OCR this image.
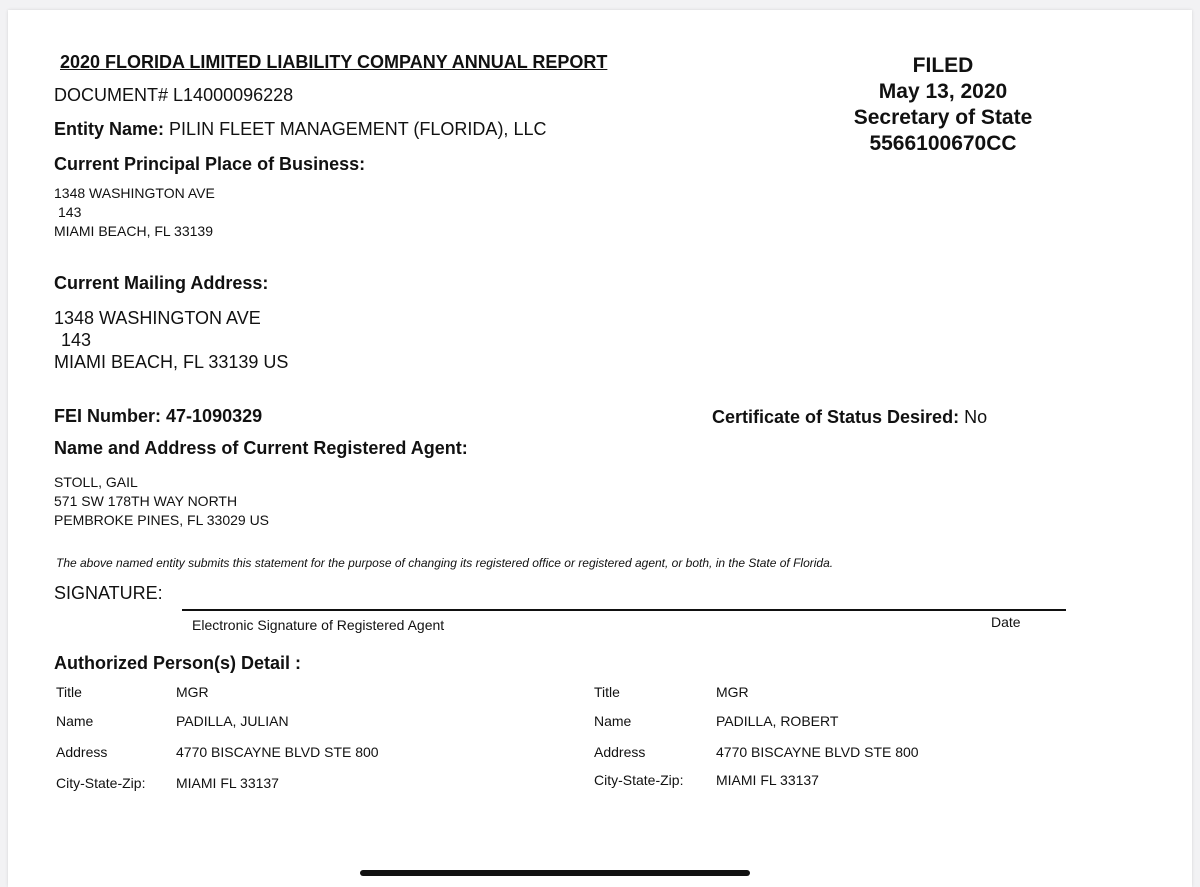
2020 FLORIDA LIMITED LIABILITY COMPANY ANNUAL REPORT
DOCUMENT# L14000096228
Entity Name: PILIN FLEET MANAGEMENT (FLORIDA), LLC
FILED
May 13, 2020
Secretary of State
5566100670CC
Current Principal Place of Business:
1348 WASHINGTON AVE
143
MIAMI BEACH, FL 33139
Current Mailing Address:
1348 WASHINGTON AVE
143
MIAMI BEACH, FL 33139 US
FEI Number: 47-1090329	Certificate of Status Desired: No
Name and Address of Current Registered Agent:
STOLL, GAIL
571 SW 178TH WAY NORTH
PEMBROKE PINES, FL 33029 US
The above named entity submits this statement for the purpose of changing its registered office or registered agent, or both, in the State of Florida.
SIGNATURE:
Electronic Signature of Registered Agent	Date
Authorized Person(s) Detail :
Title	MGR
Name	PADILLA, JULIAN
Address	4770 BISCAYNE BLVD STE 800
City-State-Zip: MIAMI FL 33137
Title	MGR
Name	PADILLA, ROBERT
Address	4770 BISCAYNE BLVD STE 800
City-State-Zip: MIAMI FL 33137
